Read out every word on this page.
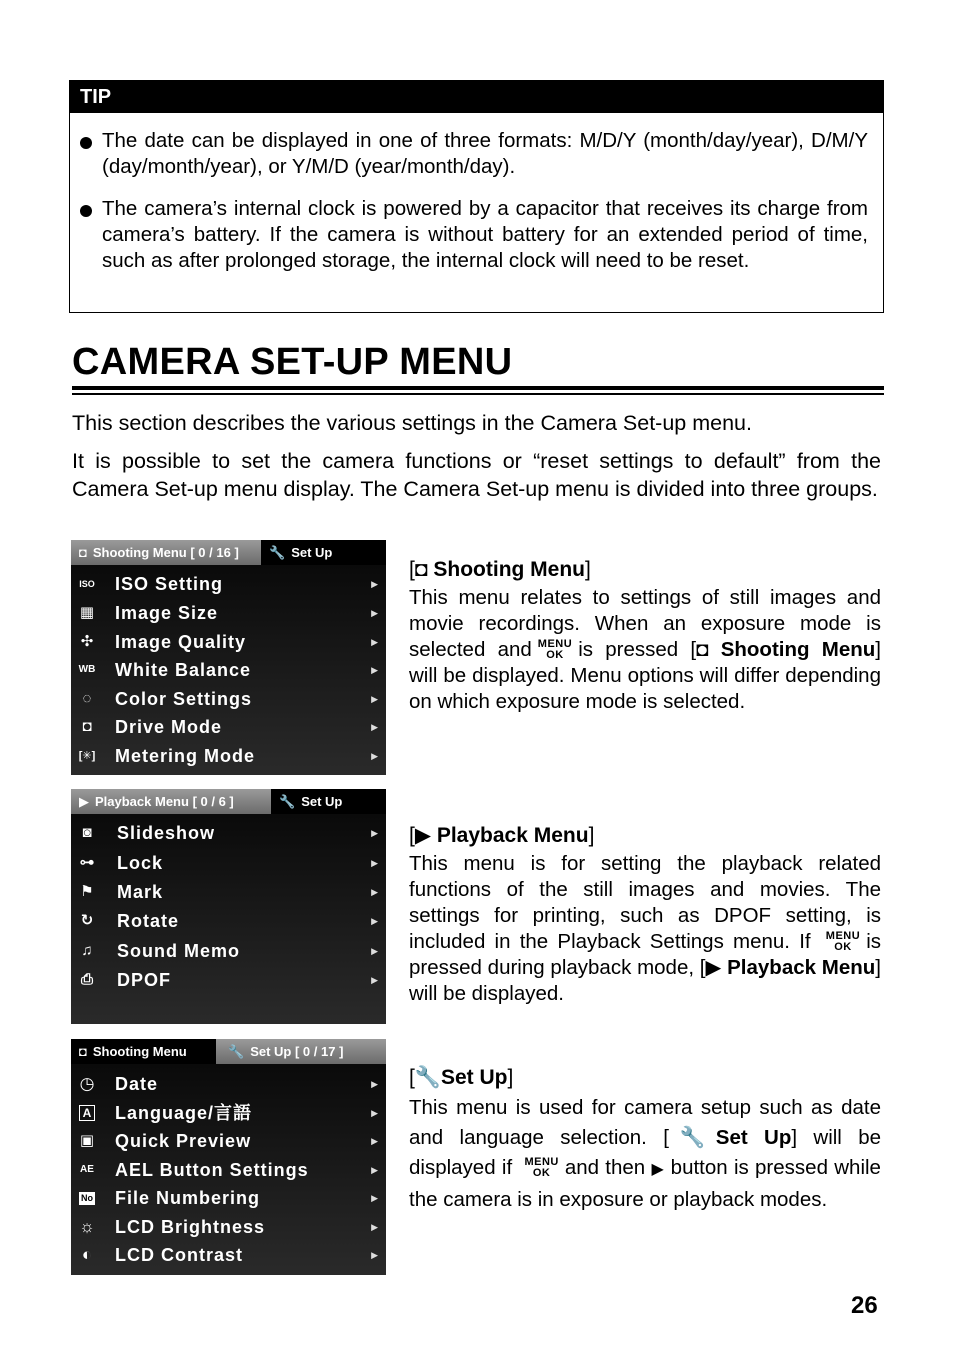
TIP
The date can be displayed in one of three formats: M/D/Y (month/day/year), D/M/Y (day/month/year), or Y/M/D (year/month/day).
The camera’s internal clock is powered by a capacitor that receives its charge from camera’s battery. If the camera is without battery for an extended period of time, such as after prolonged storage, the internal clock will need to be reset.
CAMERA SET-UP MENU
This section describes the various settings in the Camera Set-up menu.
It is possible to set the camera functions or “reset settings to default” from the Camera Set-up menu display. The Camera Set-up menu is divided into three groups.
◘ Shooting Menu [ 0 / 16 ]	🔧 Set Up
ISO ISO Setting	▶
▦ Image Size	▶
✣ Image Quality	▶
WB White Balance	▶
◌	Color Settings	▶
◘	Drive Mode	▶
[✳] Metering Mode	▶
[◘ Shooting Menu]
This menu relates to settings of still images and movie recordings. When an exposure mode is selected and MENU
OK is pressed [◘ Shooting Menu] will be displayed. Menu options will differ depending on which exposure mode is selected.
▶ Playback Menu [ 0 / 6 ]	🔧 Set Up
◙	Slideshow	▶
⊶ Lock	▶
⚑ Mark	▶
↻ Rotate	▶
♫ Sound Memo	▶
⎙ DPOF	▶
[▶ Playback Menu]
This menu is for setting the playback related functions of the still images and movies. The settings for printing, such as DPOF setting, is included in the Playback Settings menu. If MENU
OK is pressed during playback mode, [▶ Playback Menu] will be displayed.
◘ Shooting Menu	🔧 Set Up [ 0 / 17 ]
◷ Date	▶
A Language/言語	▶
▣ Quick Preview	▶
AE AEL Button Settings	▶
No File Numbering	▶
☼ LCD Brightness	▶
◐ LCD Contrast	▶
[🔧Set Up]
This menu is used for camera setup such as date and language selection. [🔧Set Up] will be displayed if MENU
OK and then ▶ button is pressed while the camera is in exposure or playback modes.
26
